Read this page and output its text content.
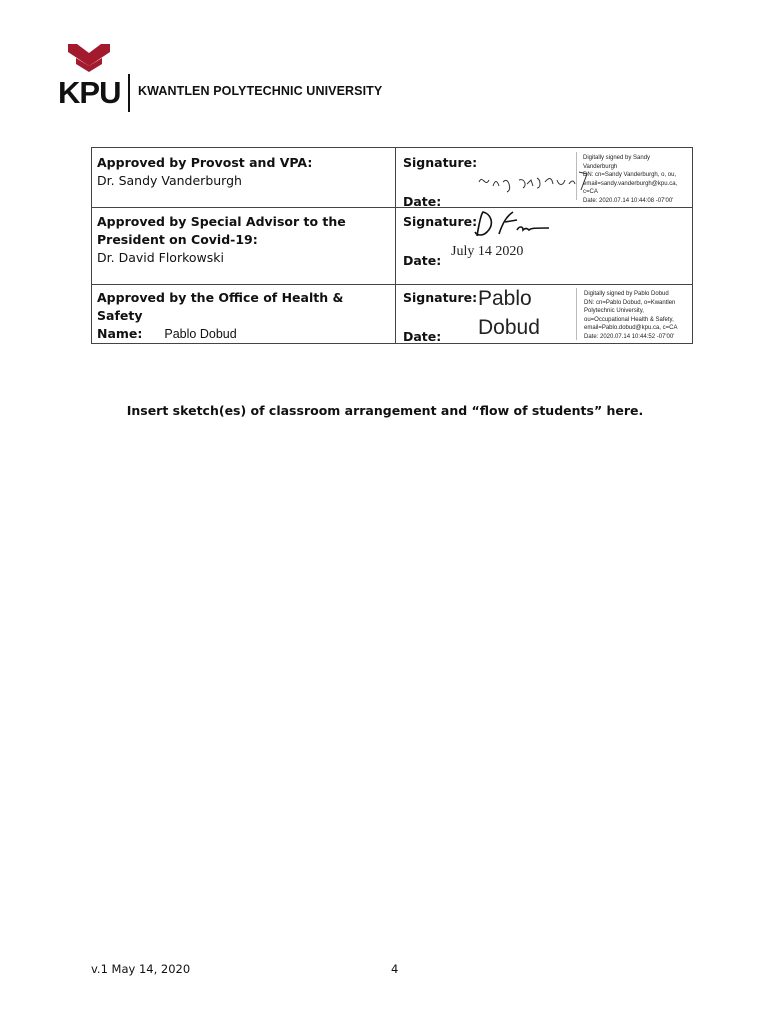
KPU KWANTLEN POLYTECHNIC UNIVERSITY
Approved by Provost and VPA:
Dr. Sandy Vanderburgh
Signature:
Date:
Digitally signed by Sandy
Vanderburgh
DN: cn=Sandy Vanderburgh, o, ou,
email=sandy.vanderburgh@kpu.ca,
c=CA
Date: 2020.07.14 10:44:08 -07'00'
Approved by Special Advisor to the President on Covid-19:
Dr. David Florkowski
Signature:
Date:
July 14 2020
Approved by the Office of Health & Safety
Name: Pablo Dobud
Signature:
Date:
Pablo
Dobud
Digitally signed by Pablo Dobud
DN: cn=Pablo Dobud, o=Kwantlen
Polytechnic University,
ou=Occupational Health & Safety,
email=Pablo.dobud@kpu.ca, c=CA
Date: 2020.07.14 10:44:52 -07'00'
Insert sketch(es) of classroom arrangement and “flow of students” here.
v.1 May 14, 2020	4
